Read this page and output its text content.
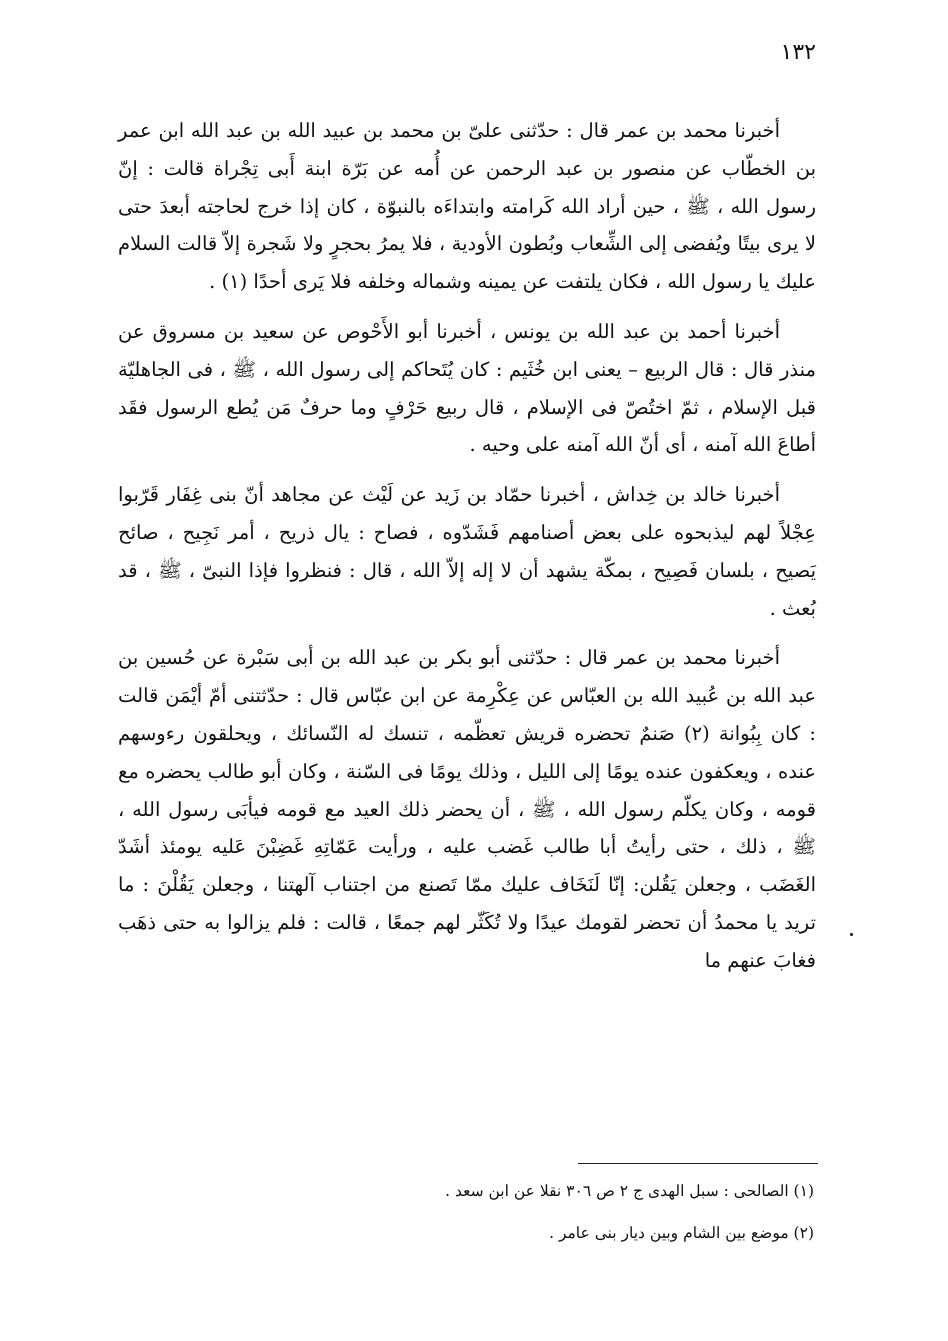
١٣٢

أخبرنا محمد بن عمر قال : حدّثنى علىّ بن محمد بن عبيد الله بن عبد الله ابن عمر بن الخطّاب عن منصور بن عبد الرحمن عن أُمه عن بَرّة ابنة أَبى تِجْراة قالت : إنّ رسول الله ، ﷺ ، حين أراد الله كَرامته وابتداءَه بالنبوّة ، كان إذا خرج لحاجته أبعدَ حتى لا يرى بيتًا ويُفضى إلى الشِّعاب وبُطون الأودية ، فلا يمرُ بحجرٍ ولا شَجرة إلاّ قالت السلام عليك يا رسول الله ، فكان يلتفت عن يمينه وشماله وخلفه فلا يَرى أحدًا (١) .

أخبرنا أحمد بن عبد الله بن يونس ، أخبرنا أبو الأَحْوص عن سعيد بن مسروق عن منذر قال : قال الربيع – يعنى ابن خُثَيم : كان يُتَحاكم إلى رسول الله ، ﷺ ، فى الجاهليّة قبل الإسلام ، ثمّ اختُصّ فى الإسلام ، قال ربيع حَرْفٍ وما حرفٌ مَن يُطع الرسول فقَد أطاعَ الله آمنه ، أى أنّ الله آمنه على وحيه .

أخبرنا خالد بن خِداش ، أخبرنا حمّاد بن زَيد عن لَيْث عن مجاهد أنّ بنى غِفَار قَرّبوا عِجْلاً لهم ليذبحوه على بعض أصنامهم فَشَدّوه ، فصاح : يال ذريح ، أمر نَجِيح ، صائح يَصيح ، بلسان فَصِيح ، بمكّة يشهد أن لا إله إلاّ الله ، قال : فنظروا فإذا النبىّ ، ﷺ ، قد بُعث .

أخبرنا محمد بن عمر قال : حدّثنى أبو بكر بن عبد الله بن أبى سَبْرة عن حُسين بن عبد الله بن عُبيد الله بن العبّاس عن عِكْرِمة عن ابن عبّاس قال : حدّثتنى أمّ أيْمَن قالت : كان بِبُوانة (٢) صَنمٌ تحضره قريش تعظّمه ، تنسك له النّسائك ، ويحلقون رءوسهم عنده ، ويعكفون عنده يومًا إلى الليل ، وذلك يومًا فى السّنة ، وكان أبو طالب يحضره مع قومه ، وكان يكلّم رسول الله ، ﷺ ، أن يحضر ذلك العيد مع قومه فيأبَى رسول الله ، ﷺ ، ذلك ، حتى رأيتُ أبا طالب غَضب عليه ، ورأيت عَمّاتِهِ غَضِبْنَ عَليه يومئذ أشَدّ الغَضَب ، وجعلن يَقُلن: إنّا لَنَخَاف عليك ممّا تَصنع من اجتناب آلهتنا ، وجعلن يَقُلْنَ : ما تريد يا محمدُ أن تحضر لقومك عيدًا ولا تُكَثّر لهم جمعًا ، قالت : فلم يزالوا به حتى ذهَب فغابَ عنهم ما

(١) الصالحى : سبل الهدى ج ٢ ص ٣٠٦ نقلا عن ابن سعد .

(٢) موضع بين الشام وبين ديار بنى عامر .
